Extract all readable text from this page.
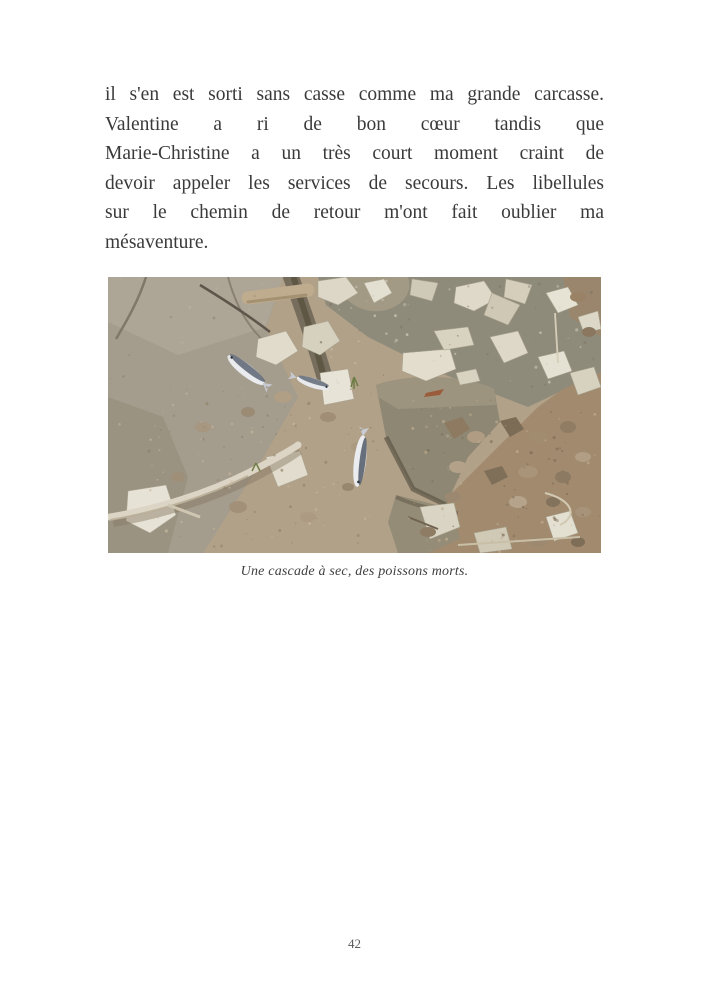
il s'en est sorti sans casse comme ma grande carcasse.
Valentine a ri de bon cœur tandis que
Marie-Christine a un très court moment craint de
devoir appeler les services de secours. Les libellules
sur le chemin de retour m'ont fait oublier ma
mésaventure.
Une cascade à sec, des poissons morts.
42
